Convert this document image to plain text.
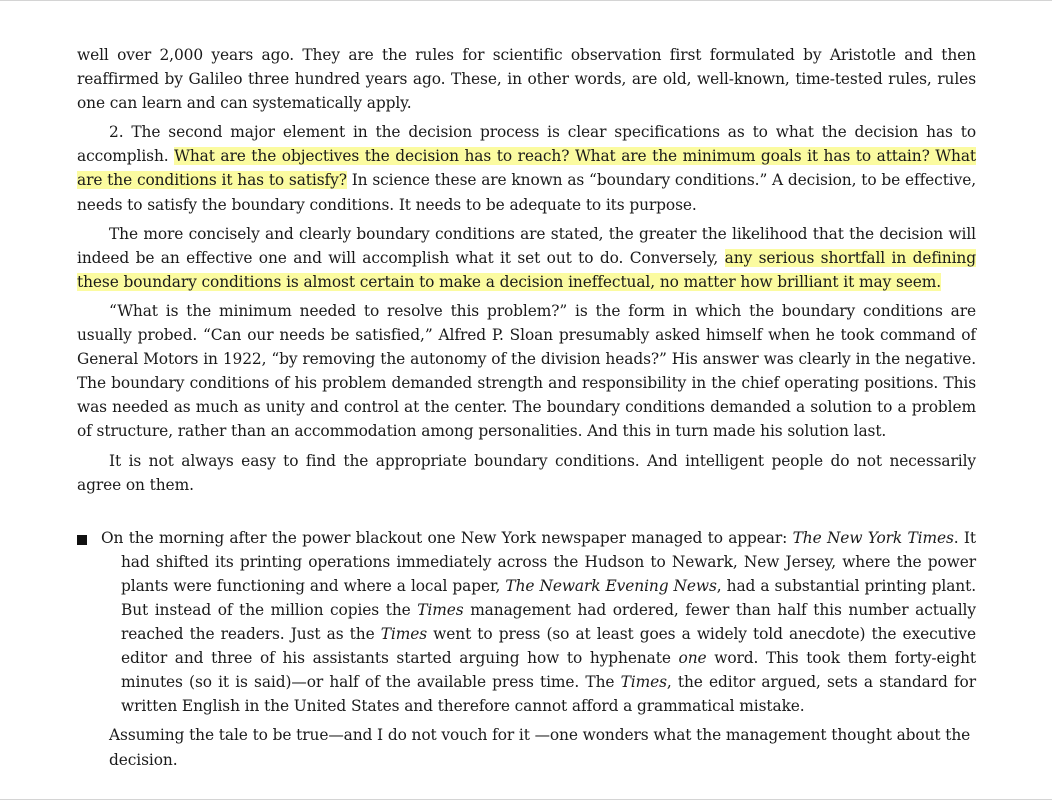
well over 2,000 years ago. They are the rules for scientific observation first formulated by Aristotle and then reaffirmed by Galileo three hundred years ago. These, in other words, are old, well-known, time-tested rules, rules one can learn and can systematically apply.

2. The second major element in the decision process is clear specifications as to what the decision has to accomplish. What are the objectives the decision has to reach? What are the minimum goals it has to attain? What are the conditions it has to satisfy? In science these are known as “boundary conditions.” A decision, to be effective, needs to satisfy the boundary conditions. It needs to be adequate to its purpose.

The more concisely and clearly boundary conditions are stated, the greater the likelihood that the decision will indeed be an effective one and will accomplish what it set out to do. Conversely, any serious shortfall in defining these boundary conditions is almost certain to make a decision ineffectual, no matter how brilliant it may seem.

“What is the minimum needed to resolve this problem?” is the form in which the boundary conditions are usually probed. “Can our needs be satisfied,” Alfred P. Sloan presumably asked himself when he took command of General Motors in 1922, “by removing the autonomy of the division heads?” His answer was clearly in the negative. The boundary conditions of his problem demanded strength and responsibility in the chief operating positions. This was needed as much as unity and control at the center. The boundary conditions demanded a solution to a problem of structure, rather than an accommodation among personalities. And this in turn made his solution last.

It is not always easy to find the appropriate boundary conditions. And intelligent people do not necessarily agree on them.

On the morning after the power blackout one New York newspaper managed to appear: The New York Times. It had shifted its printing operations immediately across the Hudson to Newark, New Jersey, where the power plants were functioning and where a local paper, The Newark Evening News, had a substantial printing plant. But instead of the million copies the Times management had ordered, fewer than half this number actually reached the readers. Just as the Times went to press (so at least goes a widely told anecdote) the executive editor and three of his assistants started arguing how to hyphenate one word. This took them forty-eight minutes (so it is said)—or half of the available press time. The Times, the editor argued, sets a standard for written English in the United States and therefore cannot afford a grammatical mistake.

Assuming the tale to be true—and I do not vouch for it —one wonders what the management thought about the decision.
